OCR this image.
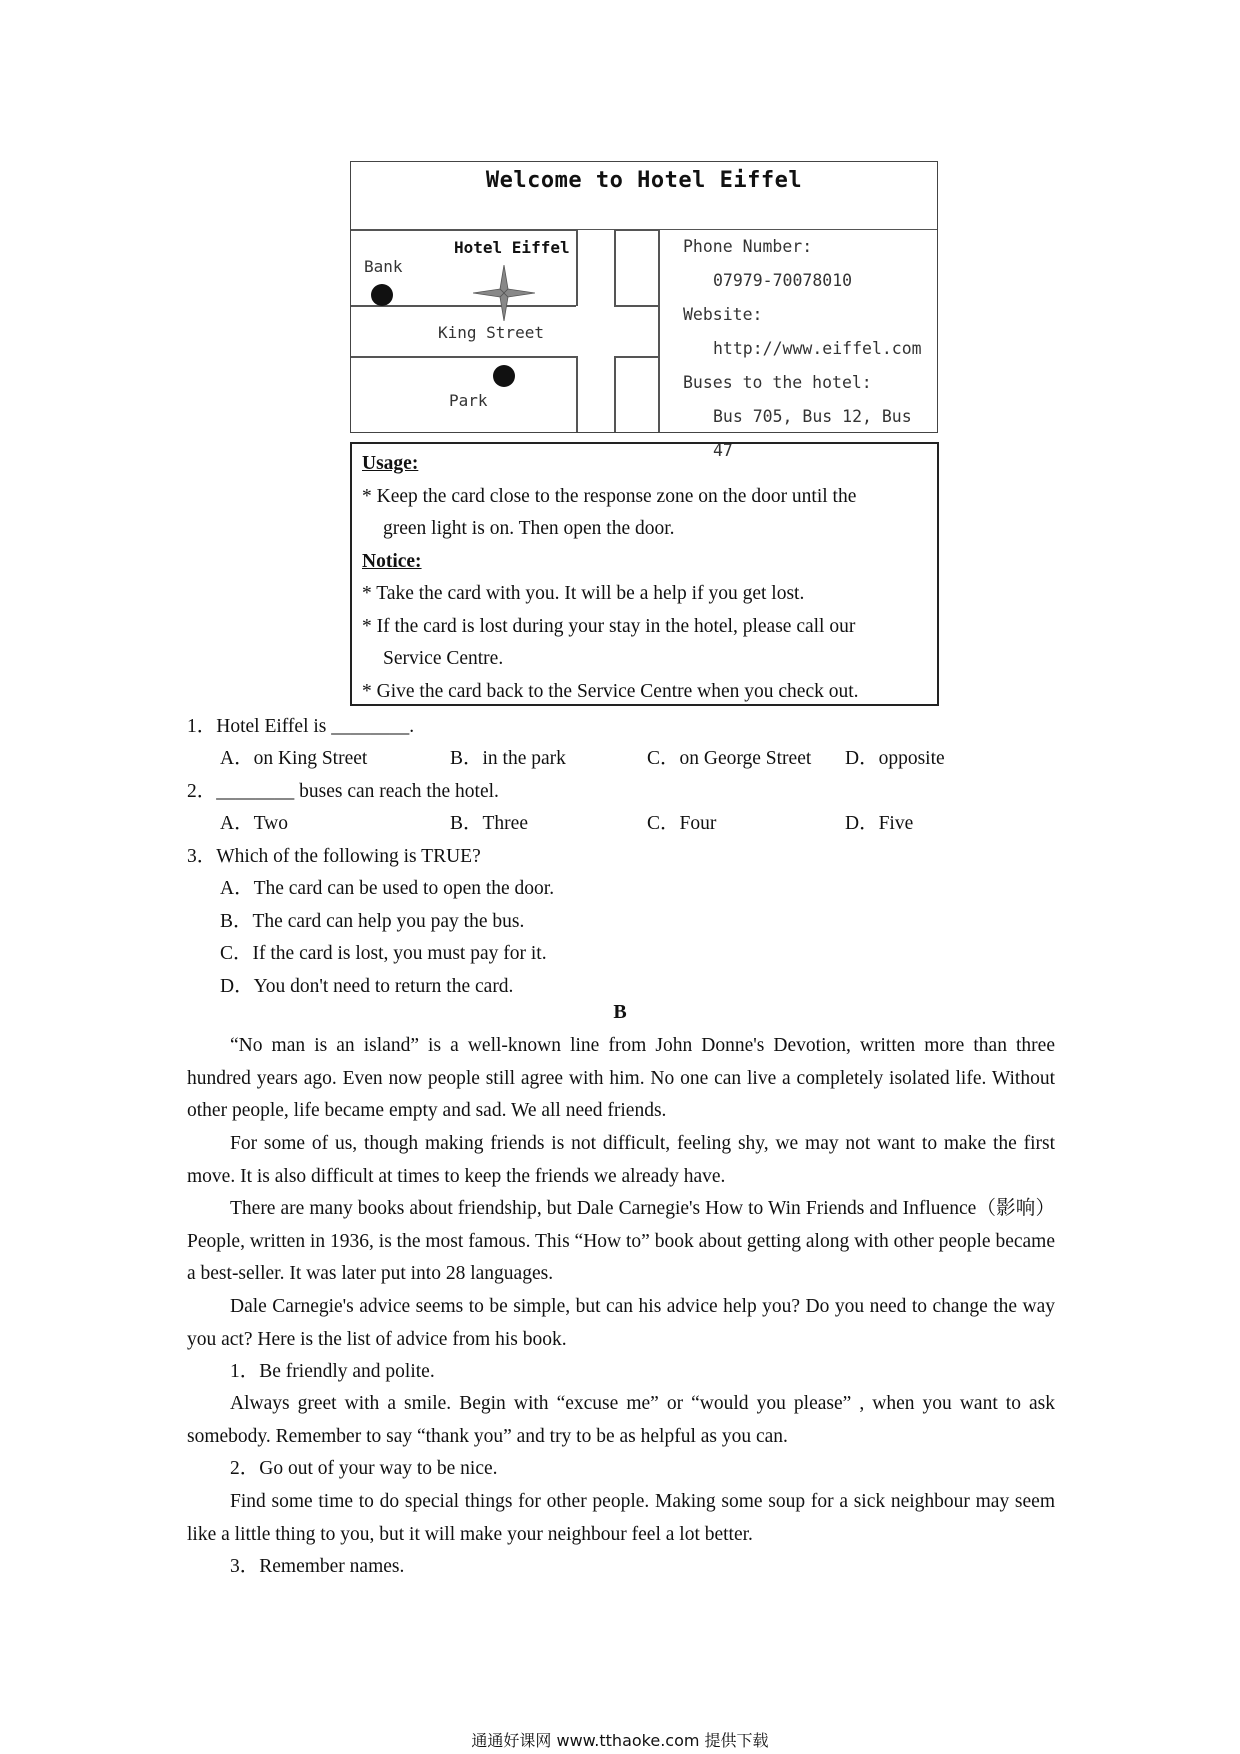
Welcome to Hotel Eiffel
Bank
Hotel Eiffel
King Street
Park
Phone Number:
07979-70078010
Website:
http://www.eiffel.com
Buses to the hotel:
Bus 705, Bus 12, Bus 47
Usage:
* Keep the card close to the response zone on the door until the
green light is on. Then open the door.
Notice:
* Take the card with you. It will be a help if you get lost.
* If the card is lost during your stay in the hotel, please call our
Service Centre.
* Give the card back to the Service Centre when you check out.
1．Hotel Eiffel is ________.
A．on King Street	B．in the park	C．on George Street D．opposite
2．________ buses can reach the hotel.
A．Two	B．Three	C．Four	D．Five
3．Which of the following is TRUE?
A．The card can be used to open the door.
B．The card can help you pay the bus.
C．If the card is lost, you must pay for it.
D．You don't need to return the card.
B
“No man is an island” is a well-known line from John Donne's Devotion, written more than three hundred years ago. Even now people still agree with him. No one can live a completely isolated life. Without other people, life became empty and sad. We all need friends.
For some of us, though making friends is not difficult, feeling shy, we may not want to make the first move. It is also difficult at times to keep the friends we already have.
There are many books about friendship, but Dale Carnegie's How to Win Friends and Influence（影响）People, written in 1936, is the most famous. This “How to” book about getting along with other people became a best-seller. It was later put into 28 languages.
Dale Carnegie's advice seems to be simple, but can his advice help you? Do you need to change the way you act? Here is the list of advice from his book.
1．Be friendly and polite.
Always greet with a smile. Begin with “excuse me” or “would you please” , when you want to ask somebody. Remember to say “thank you” and try to be as helpful as you can.
2．Go out of your way to be nice.
Find some time to do special things for other people. Making some soup for a sick neighbour may seem like a little thing to you, but it will make your neighbour feel a lot better.
3．Remember names.
通通好课网 www.tthaoke.com 提供下载
